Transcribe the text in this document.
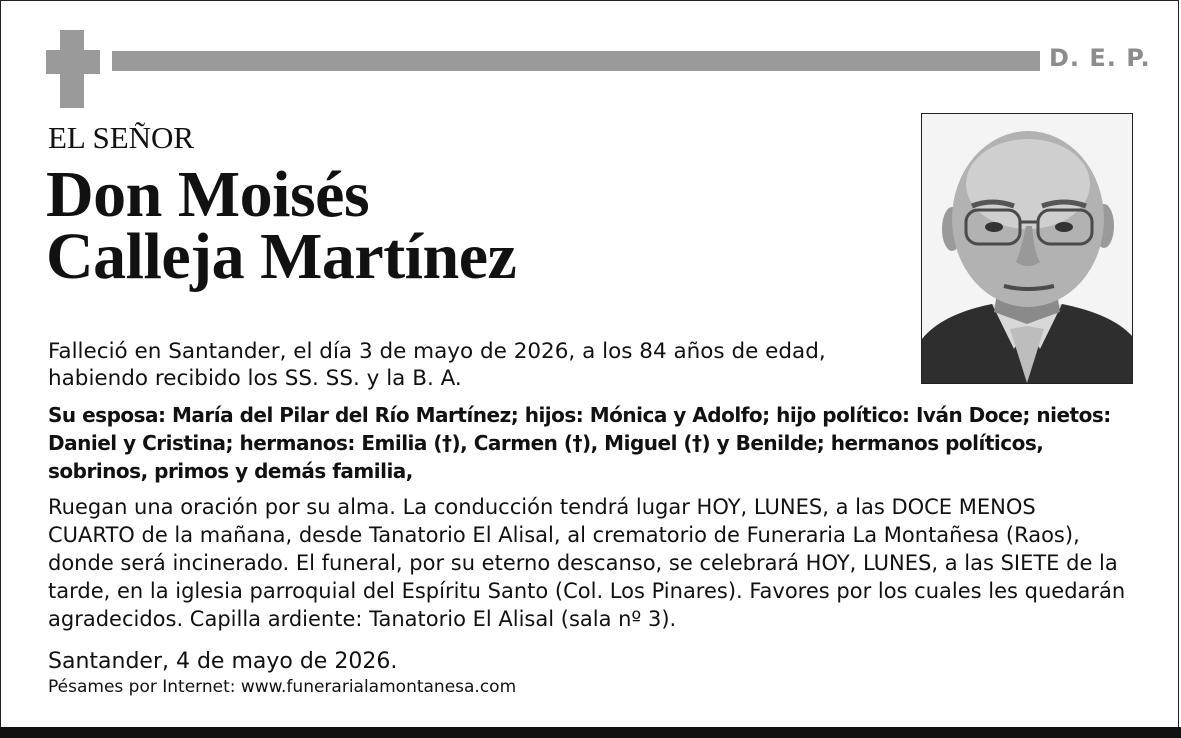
D. E. P.
EL SEÑOR
Don Moisés
Calleja Martínez
Falleció en Santander, el día 3 de mayo de 2026, a los 84 años de edad, habiendo recibido los SS. SS. y la B. A.
Su esposa: María del Pilar del Río Martínez; hijos: Mónica y Adolfo; hijo político: Iván Doce; nietos: Daniel y Cristina; hermanos: Emilia (†), Carmen (†), Miguel (†) y Benilde; hermanos políticos, sobrinos, primos y demás familia,
Ruegan una oración por su alma. La conducción tendrá lugar HOY, LUNES, a las DOCE MENOS CUARTO de la mañana, desde Tanatorio El Alisal, al crematorio de Funeraria La Montañesa (Raos), donde será incinerado. El funeral, por su eterno descanso, se celebrará HOY, LUNES, a las SIETE de la tarde, en la iglesia parroquial del Espíritu Santo (Col. Los Pinares). Favores por los cuales les quedarán agradecidos. Capilla ardiente: Tanatorio El Alisal (sala nº 3).
Santander, 4 de mayo de 2026.
Pésames por Internet: www.funerarialamontanesa.com
